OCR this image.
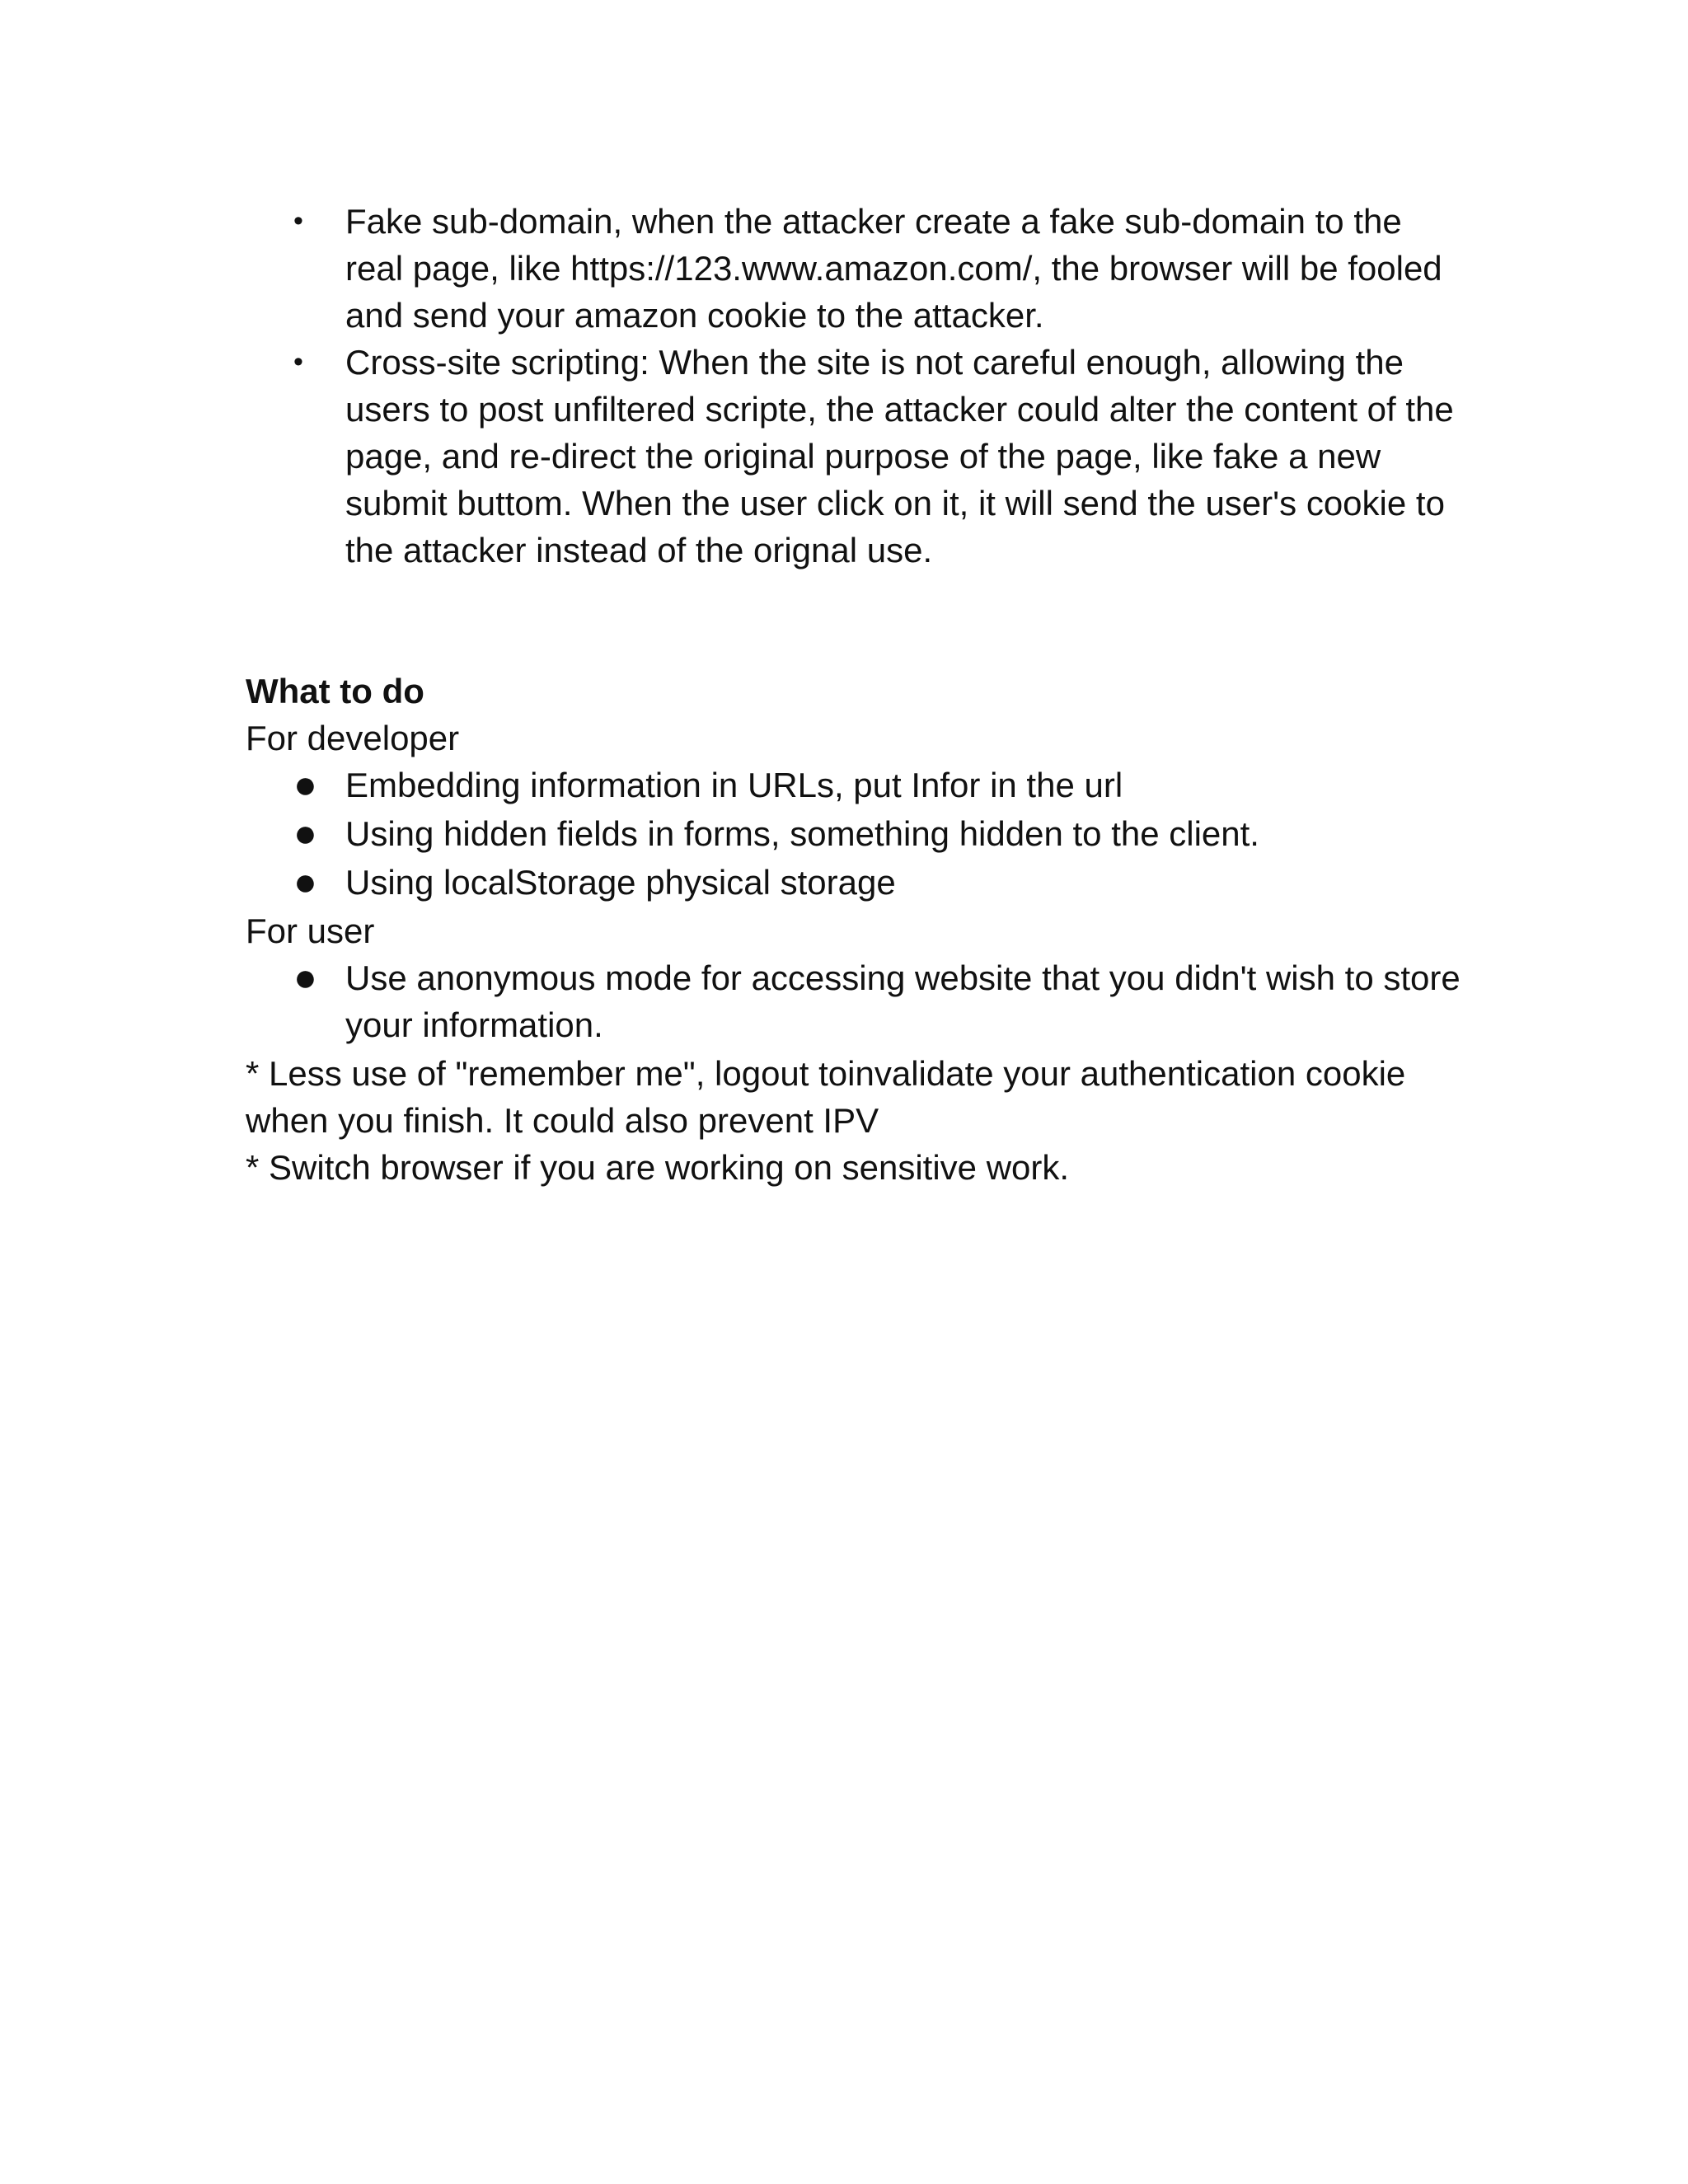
• Fake sub-domain, when the attacker create a fake sub-domain to the real page, like https://123.www.amazon.com/, the browser will be fooled and send your amazon cookie to the attacker.
• Cross-site scripting: When the site is not careful enough, allowing the users to post unfiltered scripte, the attacker could alter the content of the page, and re-direct the original purpose of the page, like fake a new submit buttom. When the user click on it, it will send the user's cookie to the attacker instead of the orignal use.

What to do

For developer

● Embedding information in URLs, put Infor in the url
● Using hidden fields in forms, something hidden to the client.
● Using localStorage physical storage

For user

● Use anonymous mode for accessing website that you didn't wish to store your information.

* Less use of "remember me", logout toinvalidate your authentication cookie when you finish. It could also prevent IPV

* Switch browser if you are working on sensitive work.
